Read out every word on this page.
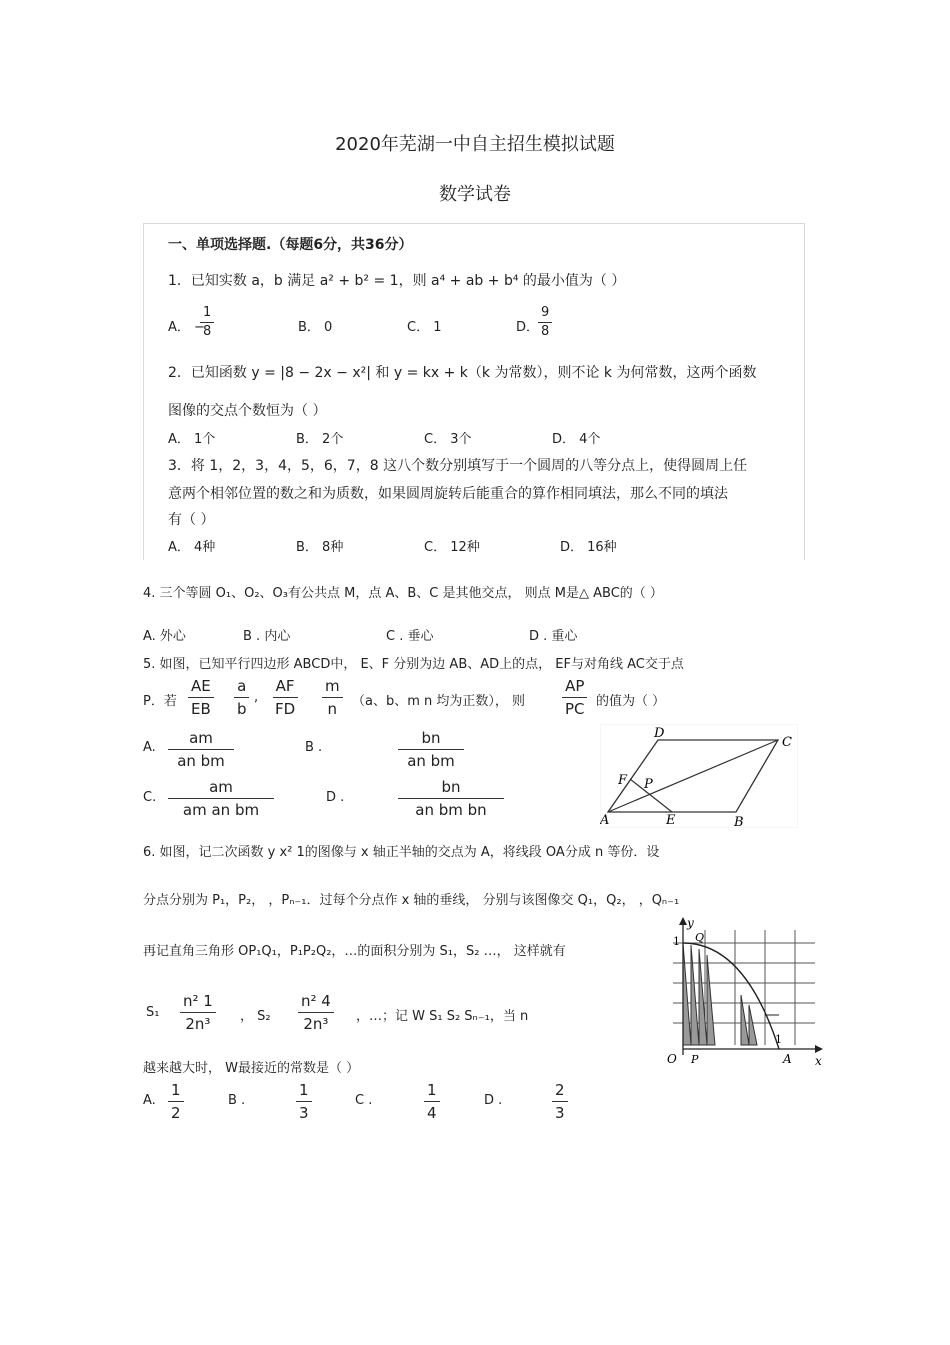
2020年芜湖一中自主招生模拟试题
数学试卷
一、单项选择题.（每题6分，共36分）
1．已知实数 a，b 满足 a² + b² = 1，则 a⁴ + ab + b⁴ 的最小值为（ ）
A． −
$\frac{1}{8}$	B． 0	C． 1	D．
$\frac{9}{8}$
2．已知函数 y = |8 − 2x − x²| 和 y = kx + k（k 为常数），则不论 k 为何常数，这两个函数
图像的交点个数恒为（ ）
A． 1个	B． 2个	C． 3个	D． 4个
3．将 1，2，3，4，5，6，7，8 这八个数分别填写于一个圆周的八等分点上，使得圆周上任
意两个相邻位置的数之和为质数，如果圆周旋转后能重合的算作相同填法，那么不同的填法
有（ ）
A． 4种	B． 8种	C． 12种	D． 16种
4. 三个等圆 O₁、O₂、O₃有公共点 M，点 A、B、C 是其他交点， 则点 M是△ ABC的（ ）
A. 外心	B . 内心	C . 垂心	D . 重心
5. 如图，已知平行四边形 ABCD中， E、F 分别为边 AB、AD上的点， EF与对角线 AC交于点
P．若 $\frac{AE}{EB} \frac{a}{b}$ , $\frac{AF}{FD} \frac{m}{n} (a$、b、m n 均为正数）， 则 $\frac{AP}{PC}$ 的值为（ ）
A. $\frac{am}{\text{an bm}}$	B .	$\frac{bn}{\text{an bm}}$
C. $\frac{am}{\text{am an bm}}$	D .	$\frac{bn}{\text{an bm bn}}$	A	B
C
D
E
F P
6. 如图，记二次函数 y x² 1的图像与 x 轴正半轴的交点为 A，将线段 OA分成 n 等份．设
分点分别为 P₁，P₂， ，Pₙ₋₁．过每个分点作 x 轴的垂线， 分别与该图像交 Q₁，Q₂， ，Qₙ₋₁
再记直角三角形 OP₁Q₁，P₁P₂Q₂，…的面积分别为 S₁，S₂ …， 这样就有
$S_1 \frac{\text{n² 1}}{\text{2n³}}$ ， $S_2 \frac{\text{n² 4}}{\text{2n³}}$ ，…；记 W S₁ S₂ Sₙ₋₁，当 n
越来越大时， W最接近的常数是（ ）
A. $\frac{1}{2}$	B .	$\frac{1}{3}$	C .	$\frac{1}{4}$	D .	$\frac{2}{3}$
y
x
O	A
1
1
Q
P
